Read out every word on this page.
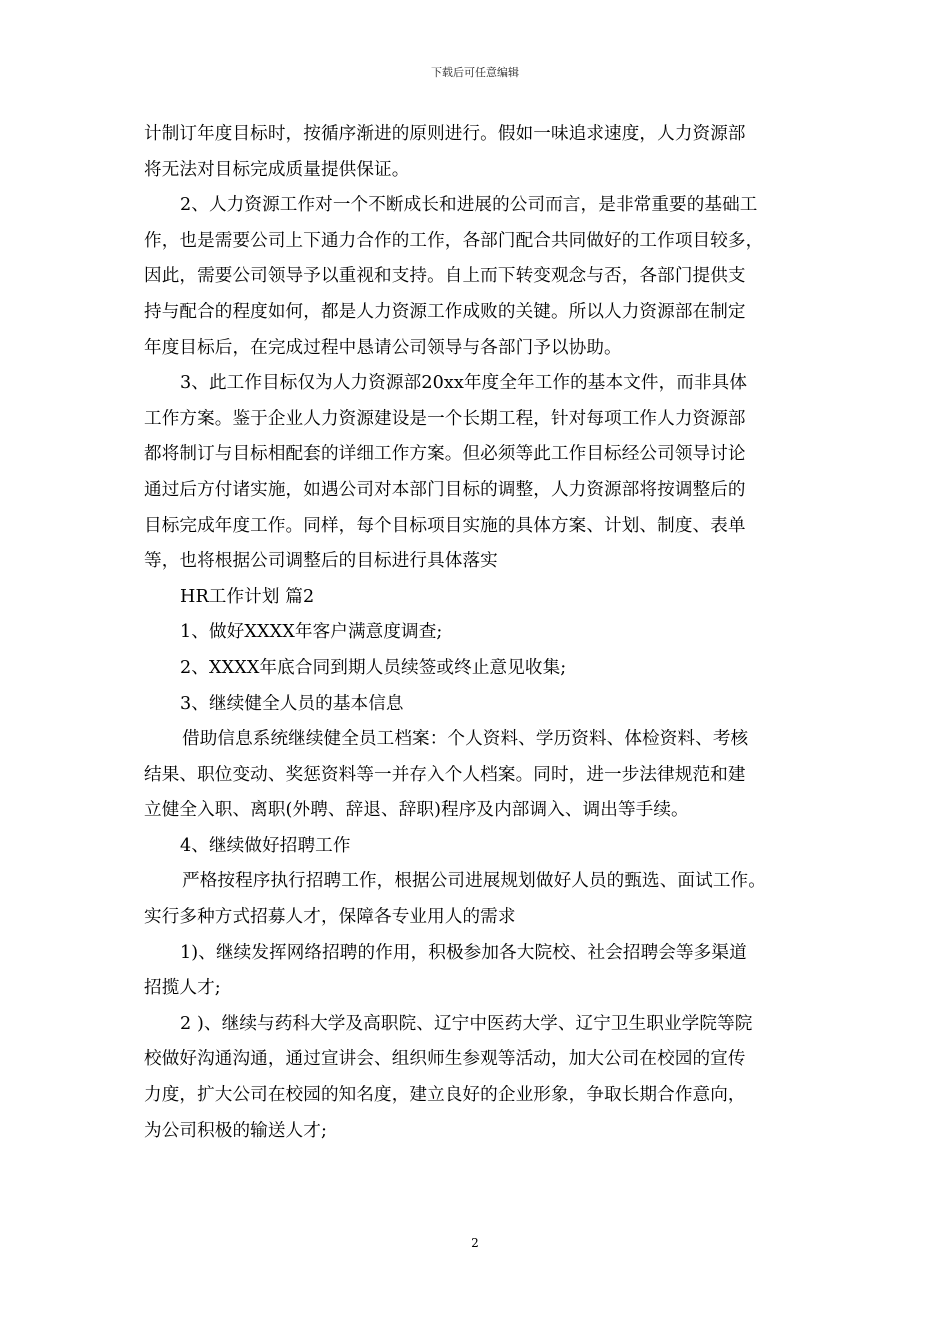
下载后可任意编辑
计制订年度目标时，按循序渐进的原则进行。假如一味追求速度，人力资源部
将无法对目标完成质量提供保证。
2、人力资源工作对一个不断成长和进展的公司而言，是非常重要的基础工
作，也是需要公司上下通力合作的工作，各部门配合共同做好的工作项目较多，
因此，需要公司领导予以重视和支持。自上而下转变观念与否，各部门提供支
持与配合的程度如何，都是人力资源工作成败的关键。所以人力资源部在制定
年度目标后，在完成过程中恳请公司领导与各部门予以协助。
3、此工作目标仅为人力资源部20xx年度全年工作的基本文件，而非具体
工作方案。鉴于企业人力资源建设是一个长期工程，针对每项工作人力资源部
都将制订与目标相配套的详细工作方案。但必须等此工作目标经公司领导讨论
通过后方付诸实施，如遇公司对本部门目标的调整，人力资源部将按调整后的
目标完成年度工作。同样，每个目标项目实施的具体方案、计划、制度、表单
等，也将根据公司调整后的目标进行具体落实
HR工作计划 篇2
1、做好XXXX年客户满意度调查;
2、XXXX年底合同到期人员续签或终止意见收集;
3、继续健全人员的基本信息
借助信息系统继续健全员工档案：个人资料、学历资料、体检资料、考核
结果、职位变动、奖惩资料等一并存入个人档案。同时，进一步法律规范和建
立健全入职、离职(外聘、辞退、辞职)程序及内部调入、调出等手续。
4、继续做好招聘工作
严格按程序执行招聘工作，根据公司进展规划做好人员的甄选、面试工作。
实行多种方式招募人才，保障各专业用人的需求
1)、继续发挥网络招聘的作用，积极参加各大院校、社会招聘会等多渠道
招揽人才;
2 )、继续与药科大学及高职院、辽宁中医药大学、辽宁卫生职业学院等院
校做好沟通沟通，通过宣讲会、组织师生参观等活动，加大公司在校园的宣传
力度，扩大公司在校园的知名度，建立良好的企业形象，争取长期合作意向，
为公司积极的输送人才;
2
